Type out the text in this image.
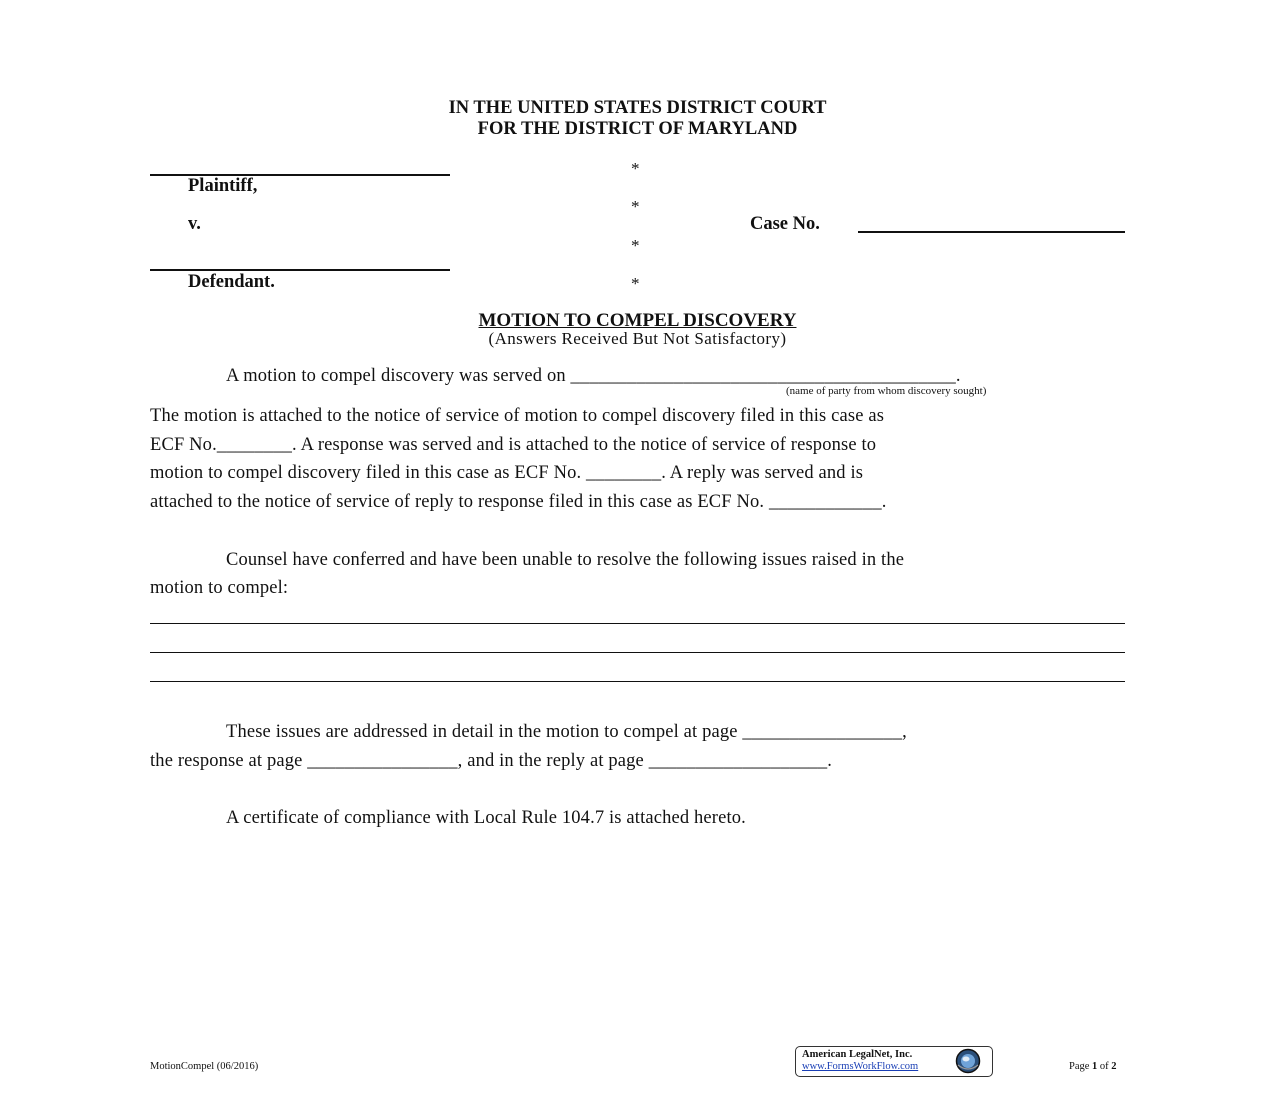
IN THE UNITED STATES DISTRICT COURT
FOR THE DISTRICT OF MARYLAND
Plaintiff,
v.
Defendant.
*
*
*
*
Case No.
MOTION TO COMPEL DISCOVERY
(Answers Received But Not Satisfactory)
A motion to compel discovery was served on _________________________________________.
(name of party from whom discovery sought)
The motion is attached to the notice of service of motion to compel discovery filed in this case as
ECF No.________. A response was served and is attached to the notice of service of response to
motion to compel discovery filed in this case as ECF No. ________. A reply was served and is
attached to the notice of service of reply to response filed in this case as ECF No. ____________.
Counsel have conferred and have been unable to resolve the following issues raised in the
motion to compel:
These issues are addressed in detail in the motion to compel at page _________________,
the response at page ________________, and in the reply at page ___________________.
A certificate of compliance with Local Rule 104.7 is attached hereto.
MotionCompel (06/2016)
American LegalNet, Inc.
www.FormsWorkFlow.com	Page 1 of 2
